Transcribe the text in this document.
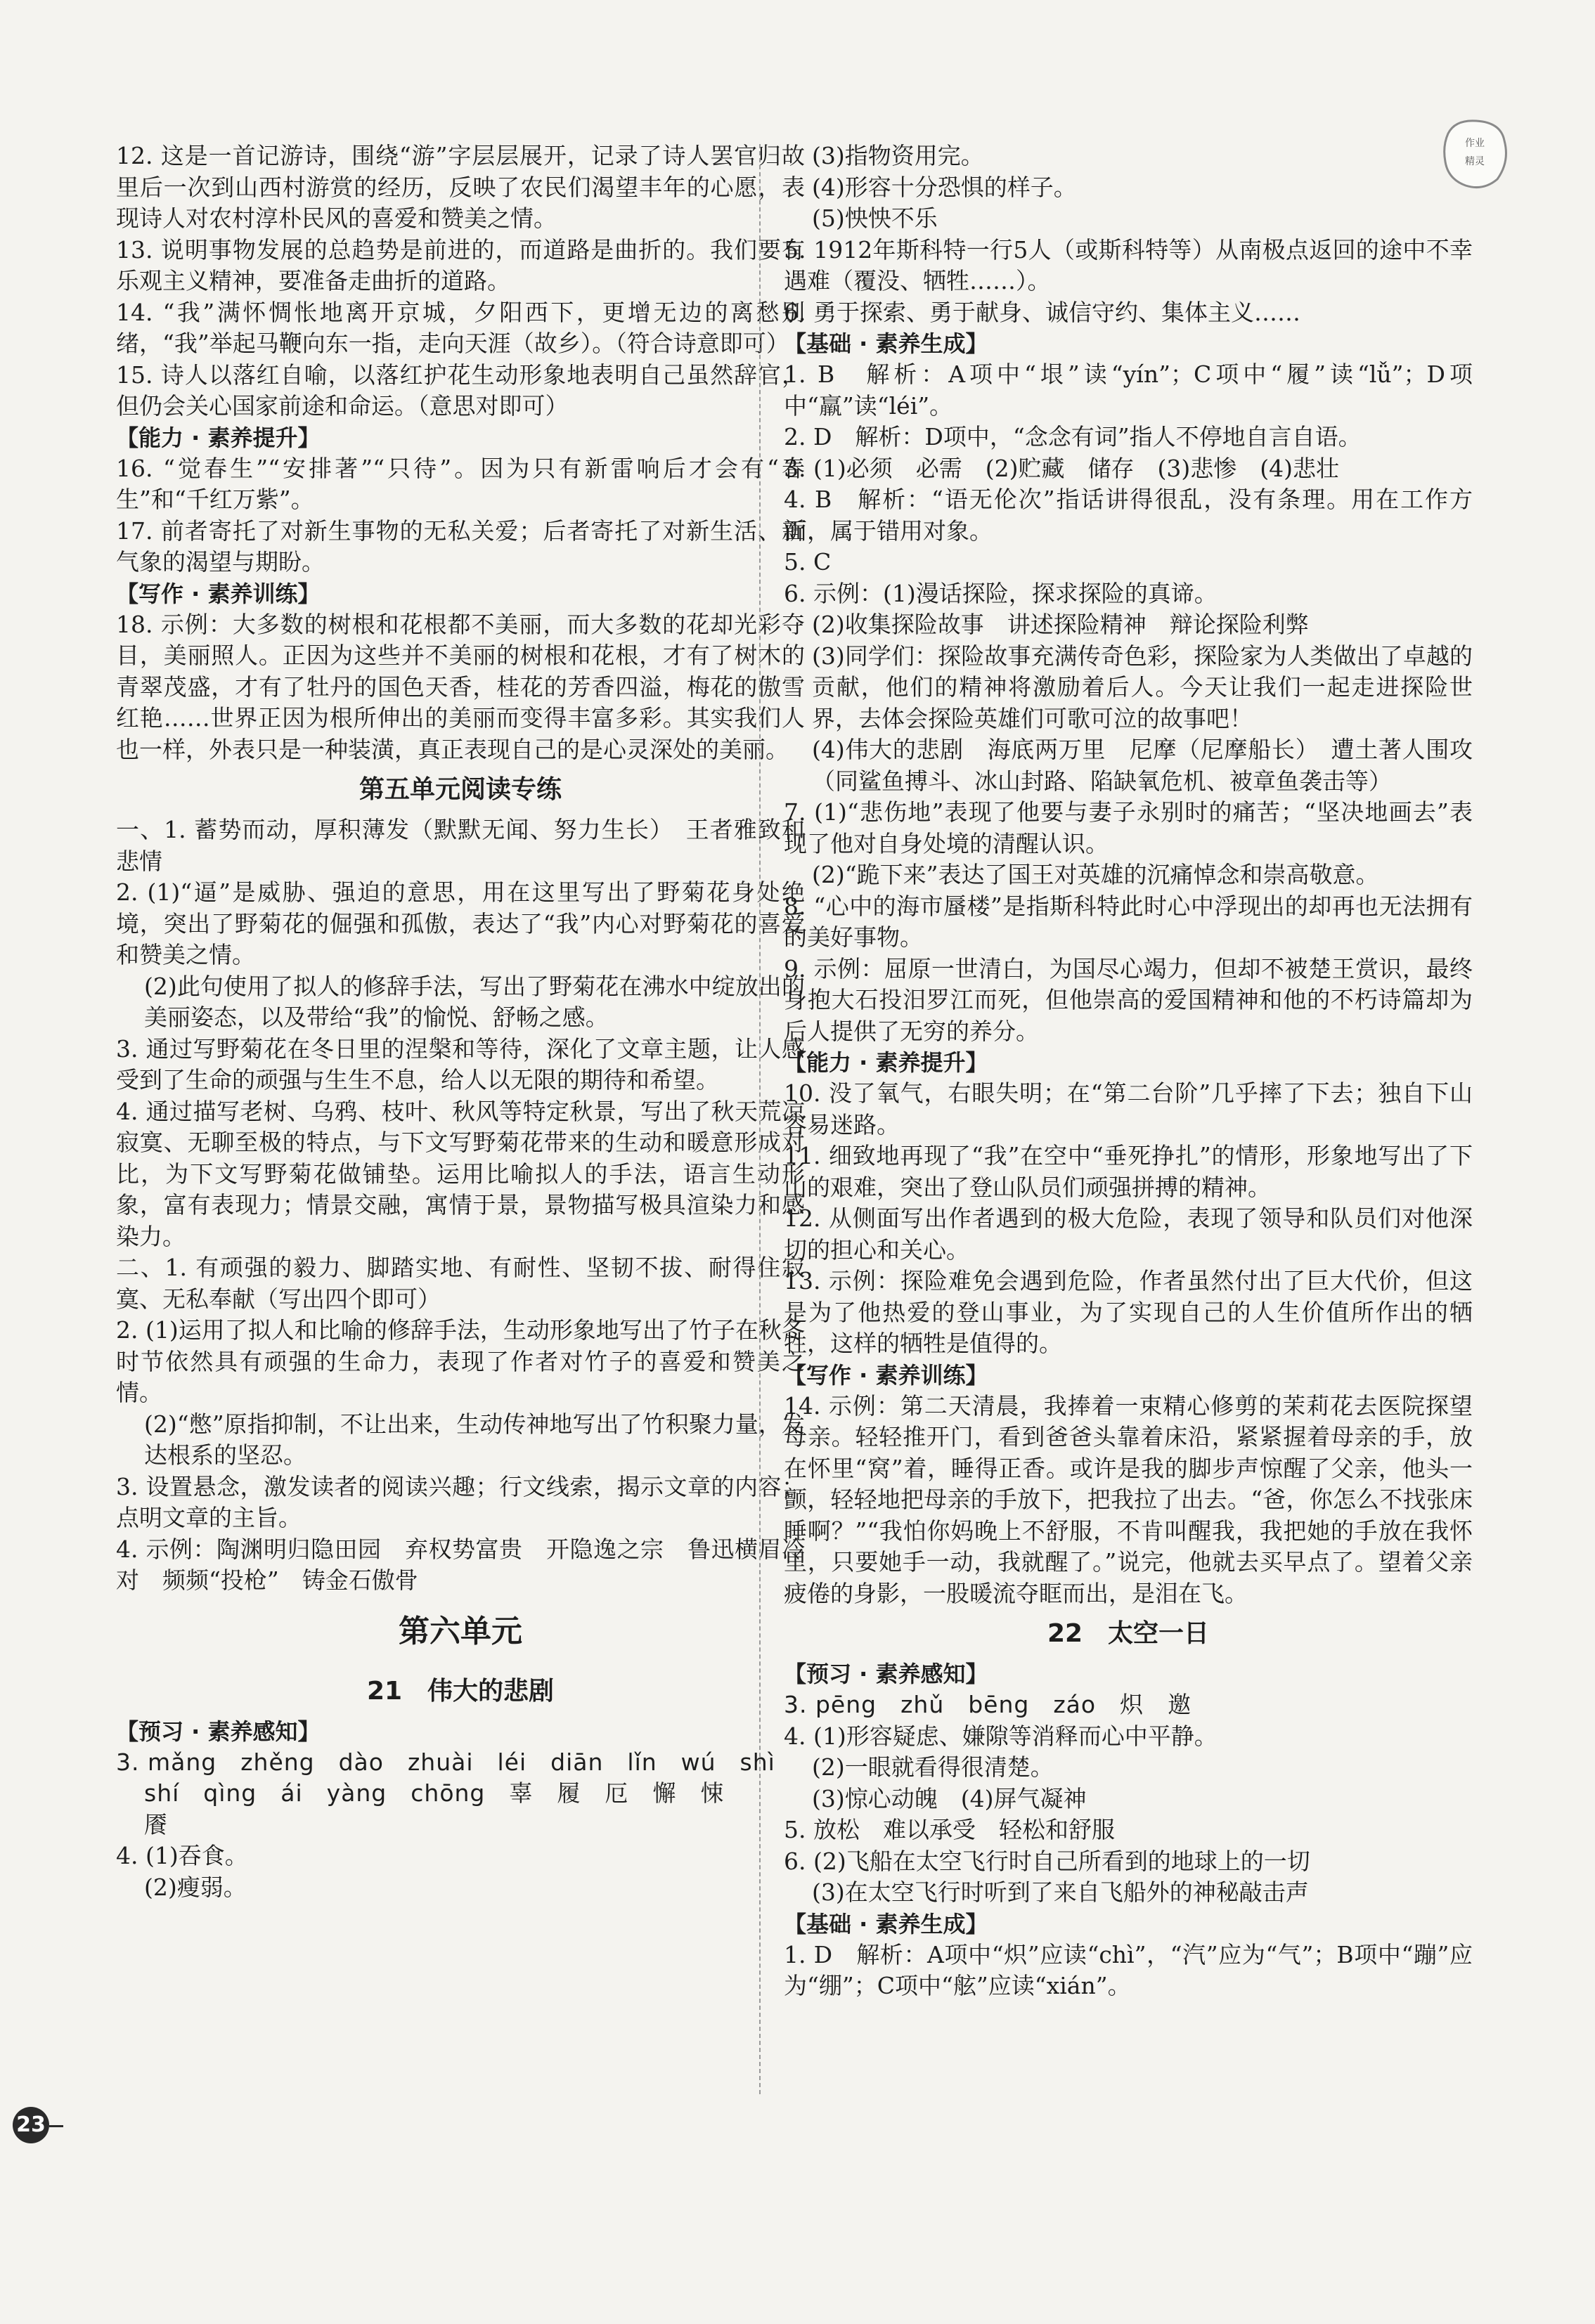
12. 这是一首记游诗，围绕“游”字层层展开，记录了诗人罢官归故里后一次到山西村游赏的经历，反映了农民们渴望丰年的心愿，表现诗人对农村淳朴民风的喜爱和赞美之情。

13. 说明事物发展的总趋势是前进的，而道路是曲折的。我们要有乐观主义精神，要准备走曲折的道路。

14. “我”满怀惆怅地离开京城，夕阳西下，更增无边的离愁别绪，“我”举起马鞭向东一指，走向天涯（故乡）。（符合诗意即可）

15. 诗人以落红自喻，以落红护花生动形象地表明自己虽然辞官，但仍会关心国家前途和命运。（意思对即可）

【能力 · 素养提升】

16. “觉春生”“安排著”“只待”。因为只有新雷响后才会有“春生”和“千红万紫”。

17. 前者寄托了对新生事物的无私关爱；后者寄托了对新生活、新气象的渴望与期盼。

【写作 · 素养训练】

18. 示例：大多数的树根和花根都不美丽，而大多数的花却光彩夺目，美丽照人。正因为这些并不美丽的树根和花根，才有了树木的青翠茂盛，才有了牡丹的国色天香，桂花的芳香四溢，梅花的傲雪红艳……世界正因为根所伸出的美丽而变得丰富多彩。其实我们人也一样，外表只是一种装潢，真正表现自己的是心灵深处的美丽。

第五单元阅读专练

一、1. 蓄势而动，厚积薄发（默默无闻、努力生长）　王者雅致和悲情

2. (1)“逼”是威胁、强迫的意思，用在这里写出了野菊花身处绝境，突出了野菊花的倔强和孤傲，表达了“我”内心对野菊花的喜爱和赞美之情。

(2)此句使用了拟人的修辞手法，写出了野菊花在沸水中绽放出的美丽姿态，以及带给“我”的愉悦、舒畅之感。

3. 通过写野菊花在冬日里的涅槃和等待，深化了文章主题，让人感受到了生命的顽强与生生不息，给人以无限的期待和希望。

4. 通过描写老树、乌鸦、枝叶、秋风等特定秋景，写出了秋天荒凉寂寞、无聊至极的特点，与下文写野菊花带来的生动和暖意形成对比，为下文写野菊花做铺垫。运用比喻拟人的手法，语言生动形象，富有表现力；情景交融，寓情于景，景物描写极具渲染力和感染力。

二、1. 有顽强的毅力、脚踏实地、有耐性、坚韧不拔、耐得住寂寞、无私奉献（写出四个即可）

2. (1)运用了拟人和比喻的修辞手法，生动形象地写出了竹子在秋冬时节依然具有顽强的生命力，表现了作者对竹子的喜爱和赞美之情。

(2)“憋”原指抑制，不让出来，生动传神地写出了竹积聚力量，发达根系的坚忍。

3. 设置悬念，激发读者的阅读兴趣；行文线索，揭示文章的内容；点明文章的主旨。

4. 示例：陶渊明归隐田园　弃权势富贵　开隐逸之宗　鲁迅横眉冷对　频频“投枪”　铸金石傲骨

第六单元

21　伟大的悲剧

【预习 · 素养感知】

3. mǎng　zhěng　dào　zhuài　léi　diān　lǐn　wú　shì

shí　qìng　ái　yàng　chōng　辜　履　厄　懈　悚

餍

4. (1)吞食。

(2)瘦弱。

(3)指物资用完。

(4)形容十分恐惧的样子。

(5)怏怏不乐

5. 1912年斯科特一行5人（或斯科特等）从南极点返回的途中不幸遇难（覆没、牺牲……）。

6. 勇于探索、勇于献身、诚信守约、集体主义……

【基础 · 素养生成】

1. B　解析：A项中“垠”读“yín”；C项中“履”读“lǚ”；D项中“羸”读“léi”。

2. D　解析：D项中，“念念有词”指人不停地自言自语。

3. (1)必须　必需　(2)贮藏　储存　(3)悲惨　(4)悲壮

4. B　解析：“语无伦次”指话讲得很乱，没有条理。用在工作方面，属于错用对象。

5. C

6. 示例：(1)漫话探险，探求探险的真谛。

(2)收集探险故事　讲述探险精神　辩论探险利弊

(3)同学们：探险故事充满传奇色彩，探险家为人类做出了卓越的贡献，他们的精神将激励着后人。今天让我们一起走进探险世界，去体会探险英雄们可歌可泣的故事吧！

(4)伟大的悲剧　海底两万里　尼摩（尼摩船长）　遭土著人围攻（同鲨鱼搏斗、冰山封路、陷缺氧危机、被章鱼袭击等）

7. (1)“悲伤地”表现了他要与妻子永别时的痛苦；“坚决地画去”表现了他对自身处境的清醒认识。

(2)“跪下来”表达了国王对英雄的沉痛悼念和崇高敬意。

8. “心中的海市蜃楼”是指斯科特此时心中浮现出的却再也无法拥有的美好事物。

9. 示例：屈原一世清白，为国尽心竭力，但却不被楚王赏识，最终身抱大石投汨罗江而死，但他崇高的爱国精神和他的不朽诗篇却为后人提供了无穷的养分。

【能力 · 素养提升】

10. 没了氧气，右眼失明；在“第二台阶”几乎摔了下去；独自下山容易迷路。

11. 细致地再现了“我”在空中“垂死挣扎”的情形，形象地写出了下山的艰难，突出了登山队员们顽强拼搏的精神。

12. 从侧面写出作者遇到的极大危险，表现了领导和队员们对他深切的担心和关心。

13. 示例：探险难免会遇到危险，作者虽然付出了巨大代价，但这是为了他热爱的登山事业，为了实现自己的人生价值所作出的牺牲，这样的牺牲是值得的。

【写作 · 素养训练】

14. 示例：第二天清晨，我捧着一束精心修剪的茉莉花去医院探望母亲。轻轻推开门，看到爸爸头靠着床沿，紧紧握着母亲的手，放在怀里“窝”着，睡得正香。或许是我的脚步声惊醒了父亲，他头一颤，轻轻地把母亲的手放下，把我拉了出去。“爸，你怎么不找张床睡啊？”“我怕你妈晚上不舒服，不肯叫醒我，我把她的手放在我怀里，只要她手一动，我就醒了。”说完，他就去买早点了。望着父亲疲倦的身影，一股暖流夺眶而出，是泪在飞。

22　太空一日

【预习 · 素养感知】

3. pēng　zhǔ　bēng　záo　炽　邀

4. (1)形容疑虑、嫌隙等消释而心中平静。

(2)一眼就看得很清楚。

(3)惊心动魄　(4)屏气凝神

5. 放松　难以承受　轻松和舒服

6. (2)飞船在太空飞行时自己所看到的地球上的一切

(3)在太空飞行时听到了来自飞船外的神秘敲击声

【基础 · 素养生成】

1. D　解析：A项中“炽”应读“chì”，“汽”应为“气”；B项中“蹦”应为“绷”；C项中“舷”应读“xián”。

作业
精灵
23
